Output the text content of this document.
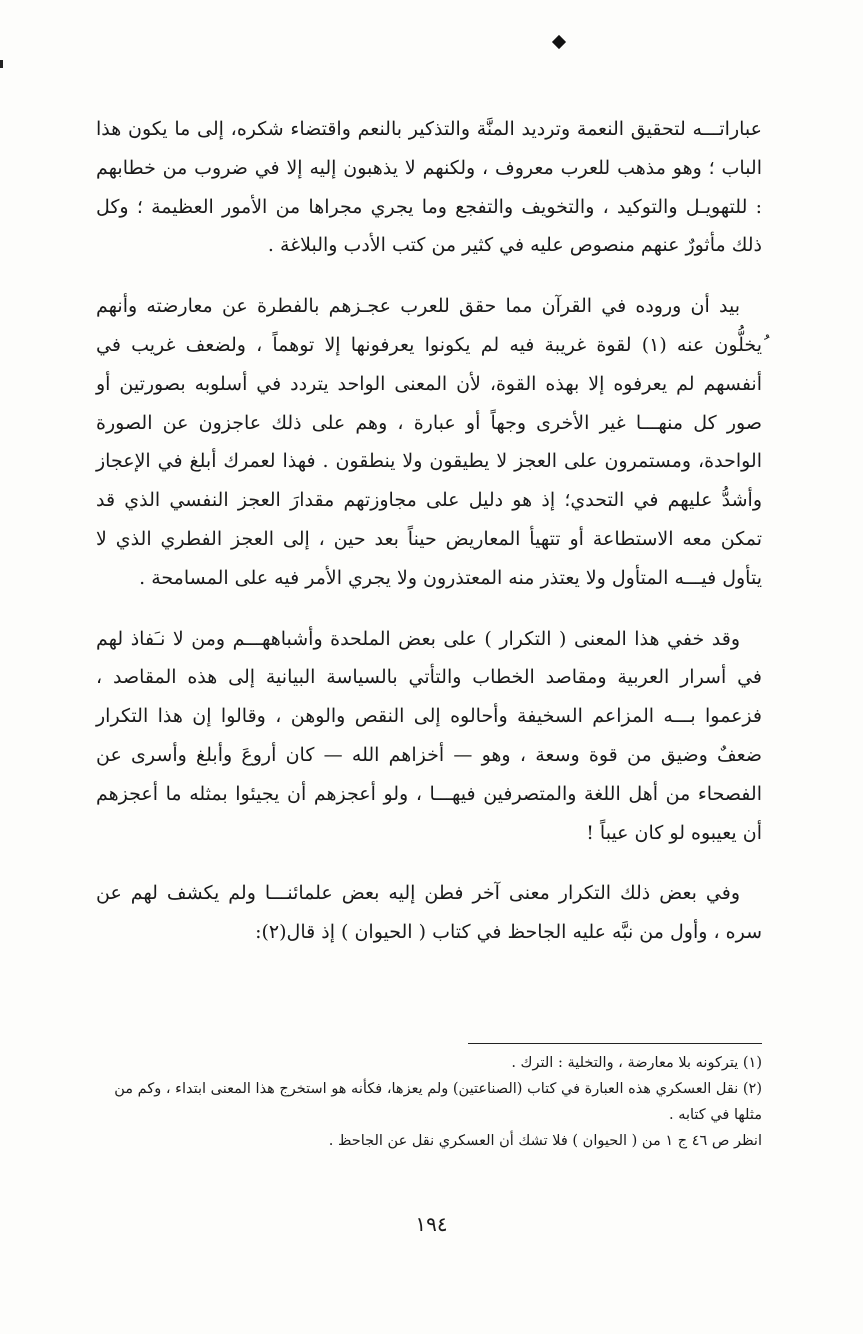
عباراتـــه لتحقيق النعمة وترديد المنَّة والتذكير بالنعم واقتضاء شكره، إلى ما يكون هذا الباب ؛ وهو مذهب للعرب معروف ، ولكنهم لا يذهبون إليه إلا في ضروب من خطابهم : للتهويـل والتوكيد ، والتخويف والتفجع وما يجري مجراها من الأمور العظيمة ؛ وكل ذلك مأثورٌ عنهم منصوص عليه في كثير من كتب الأدب والبلاغة .

بيد أن وروده في القرآن مما حقق للعرب عجـزهم بالفطرة عن معارضته وأنهم ُيخلُّون عنه (١) لقوة غريبة فيه لم يكونوا يعرفونها إلا توهماً ، ولضعف غريب في أنفسهم لم يعرفوه إلا بهذه القوة، لأن المعنى الواحد يتردد في أسلوبه بصورتين أو صور كل منهـــا غير الأخرى وجهاً أو عبارة ، وهم على ذلك عاجزون عن الصورة الواحدة، ومستمرون على العجز لا يطيقون ولا ينطقون . فهذا لعمرك أبلغ في الإعجاز وأشدُّ عليهم في التحدي؛ إذ هو دليل على مجاوزتهم مقدارَ العجز النفسي الذي قد تمكن معه الاستطاعة أو تتهيأ المعاريض حيناً بعد حين ، إلى العجز الفطري الذي لا يتأول فيـــه المتأول ولا يعتذر منه المعتذرون ولا يجري الأمر فيه على المسامحة .

وقد خفي هذا المعنى ( التكرار ) على بعض الملحدة وأشباههـــم ومن لا نـَفاذ لهم في أسرار العربية ومقاصد الخطاب والتأتي بالسياسة البيانية إلى هذه المقاصد ، فزعموا بـــه المزاعم السخيفة وأحالوه إلى النقص والوهن ، وقالوا إن هذا التكرار ضعفٌ وضيق من قوة وسعة ، وهو — أخزاهم الله — كان أروعَ وأبلغ وأسرى عن الفصحاء من أهل اللغة والمتصرفين فيهـــا ، ولو أعجزهم أن يجيئوا بمثله ما أعجزهم أن يعيبوه لو كان عيباً !

وفي بعض ذلك التكرار معنى آخر فطن إليه بعض علمائنـــا ولم يكشف لهم عن سره ، وأول من نبَّه عليه الجاحظ في كتاب ( الحيوان ) إذ قال(٢):

(١) يتركونه بلا معارضة ، والتخلية : الترك .

(٢) نقل العسكري هذه العبارة في كتاب (الصناعتين) ولم يعزها، فكأنه هو استخرج هذا المعنى ابتداء ، وكم من مثلها في كتابه .

انظر ص ٤٦ ج ١ من ( الحيوان ) فلا تشك أن العسكري نقل عن الجاحظ .

١٩٤
